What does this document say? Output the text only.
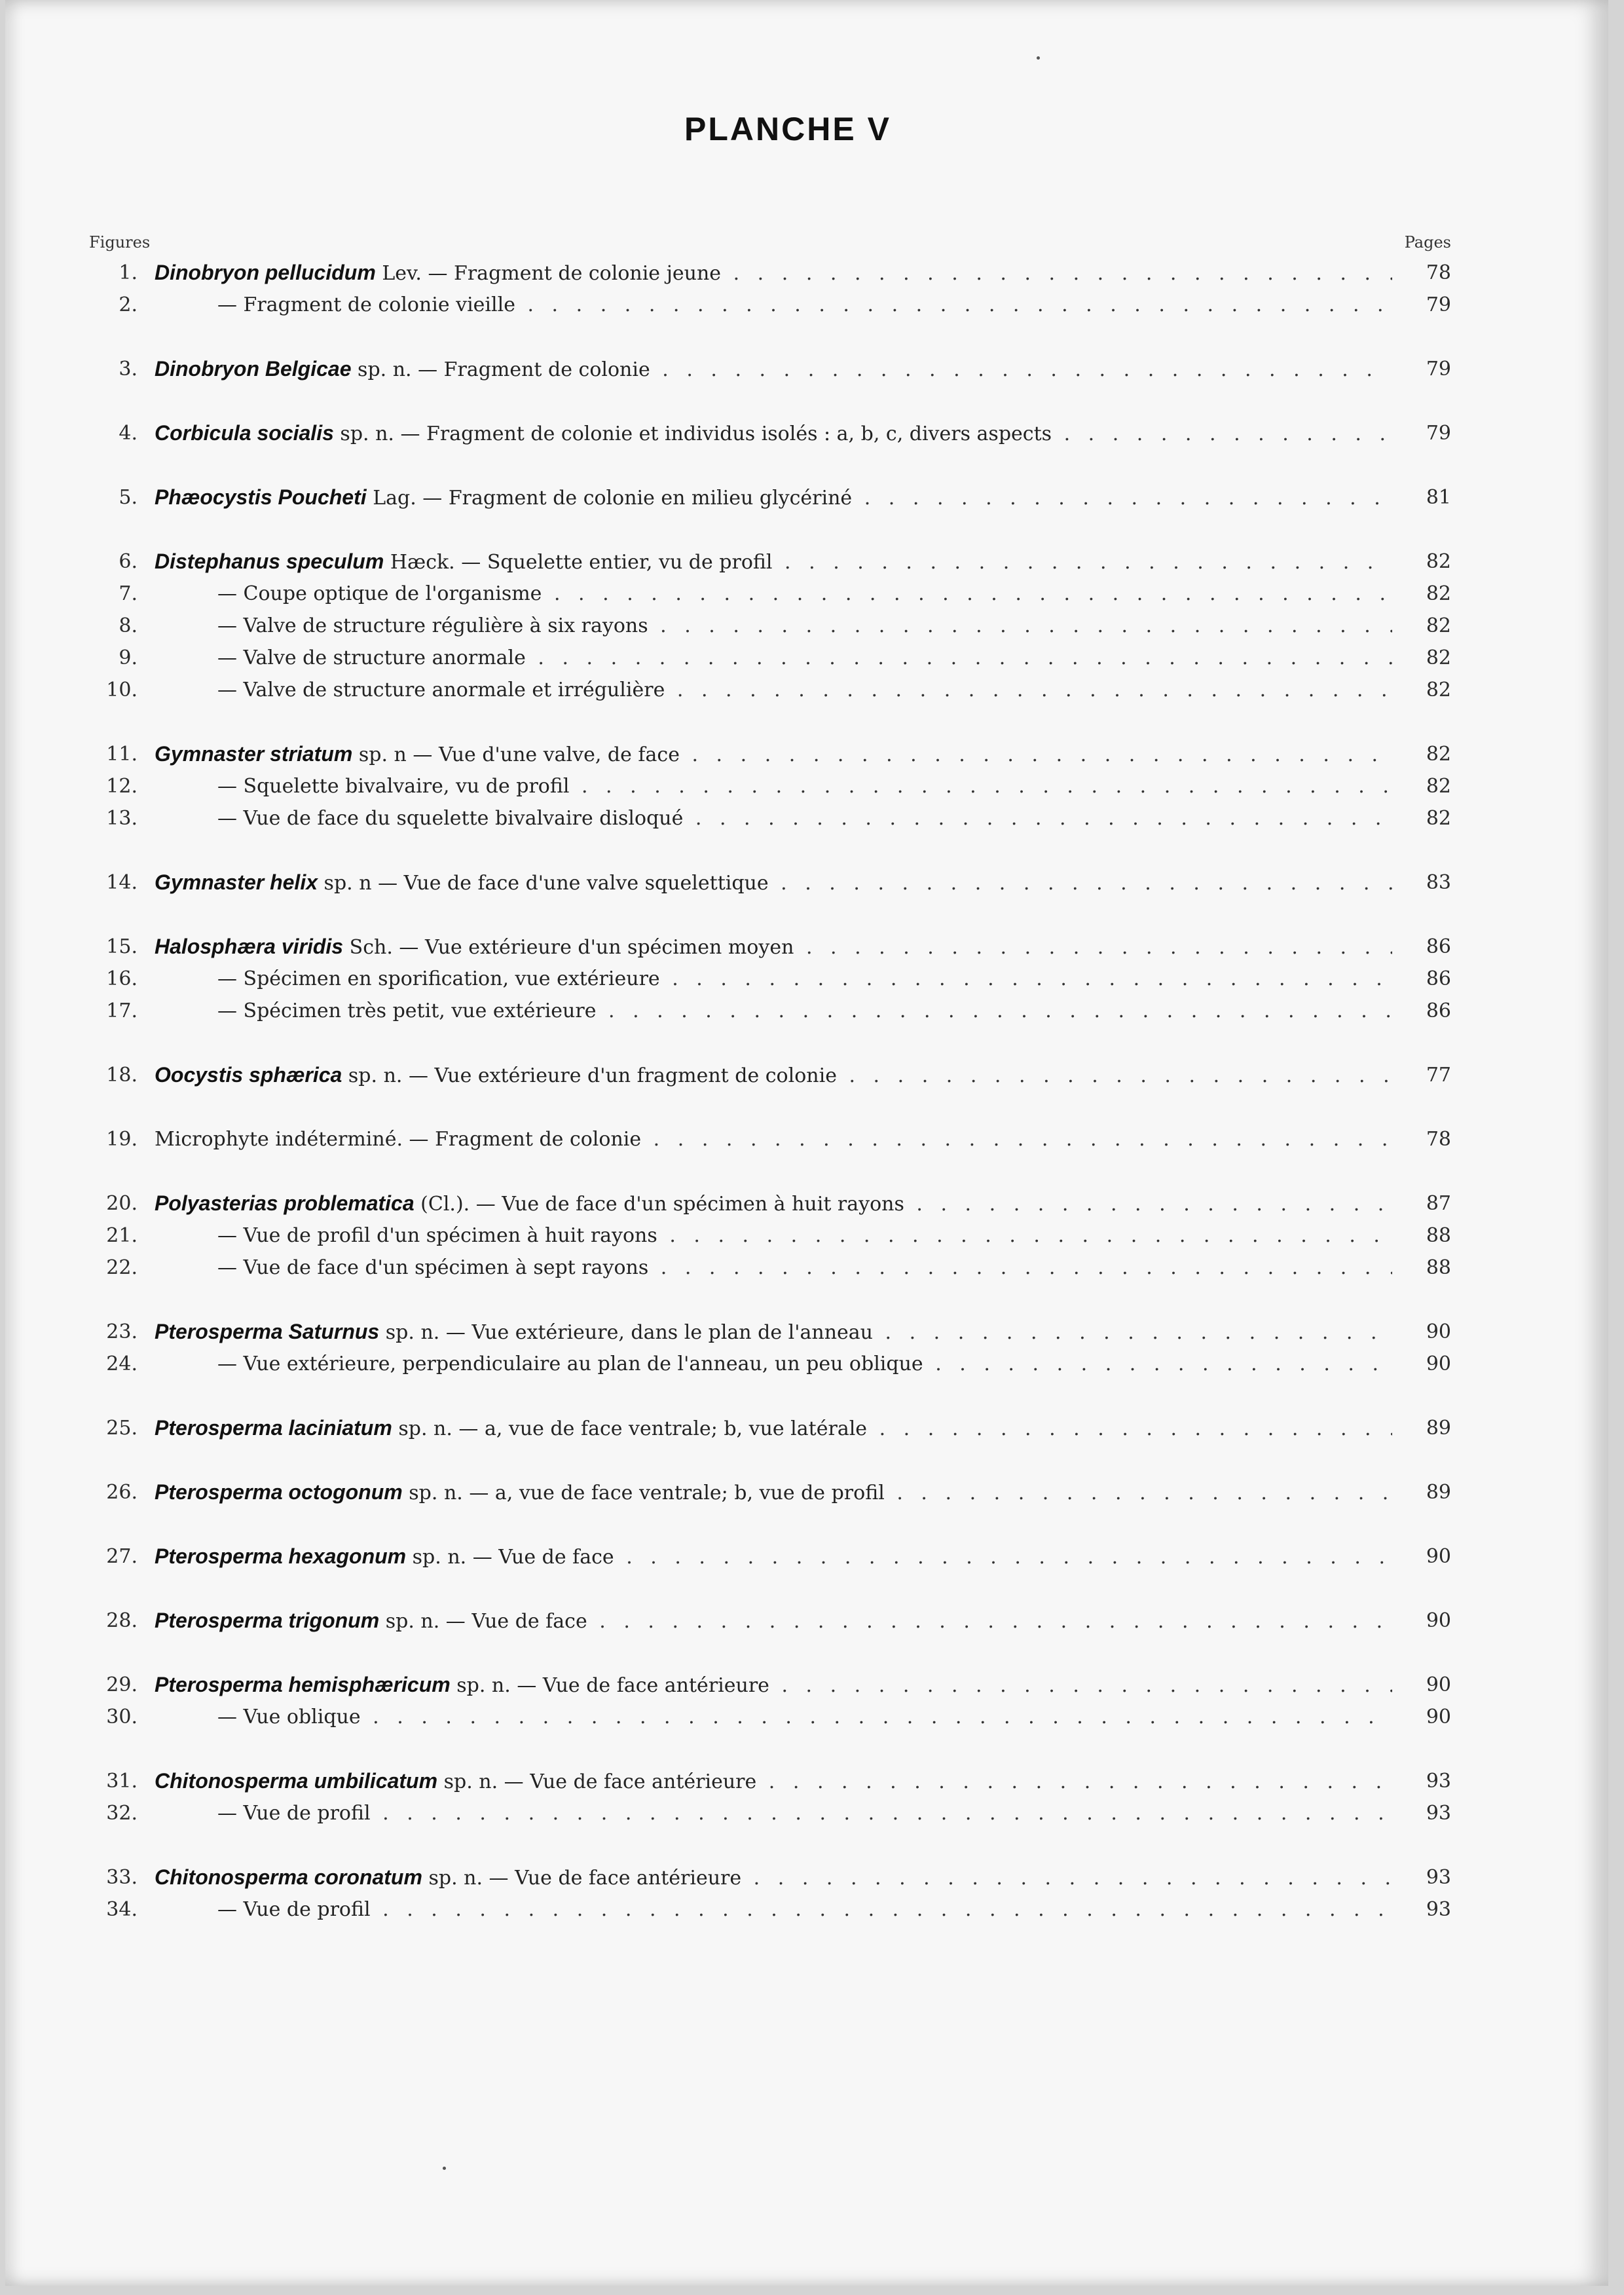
PLANCHE V
Figures	Pages
1. Dinobryon pellucidum Lev. — Fragment de colonie jeune . . .	78
2.	— Fragment de colonie vieille . . .	79
3. Dinobryon Belgicae sp. n. — Fragment de colonie . . .	79
4. Corbicula socialis sp. n. — Fragment de colonie et individus isolés : a, b, c, divers aspects . . .	79
5. Phæocystis Poucheti Lag. — Fragment de colonie en milieu glycériné . . .	81
6. Distephanus speculum Hæck. — Squelette entier, vu de profil . . .	82
7.	— Coupe optique de l'organisme . . .	82
8.	— Valve de structure régulière à six rayons . . .	82
9.	— Valve de structure anormale . . .	82
10.	— Valve de structure anormale et irrégulière . . .	82
11. Gymnaster striatum sp. n — Vue d'une valve, de face . . .	82
12.	— Squelette bivalvaire, vu de profil . . .	82
13.	— Vue de face du squelette bivalvaire disloqué . . .	82
14. Gymnaster helix sp. n — Vue de face d'une valve squelettique . . .	83
15. Halosphæra viridis Sch. — Vue extérieure d'un spécimen moyen . . .	86
16.	— Spécimen en sporification, vue extérieure . . .	86
17.	— Spécimen très petit, vue extérieure . . .	86
18. Oocystis sphærica sp. n. — Vue extérieure d'un fragment de colonie . . .	77
19. Microphyte indéterminé. — Fragment de colonie . . .	78
20. Polyasterias problematica (Cl.). — Vue de face d'un spécimen à huit rayons . . .	87
21.	— Vue de profil d'un spécimen à huit rayons . . .	88
22.	— Vue de face d'un spécimen à sept rayons . . .	88
23. Pterosperma Saturnus sp. n. — Vue extérieure, dans le plan de l'anneau . . .	90
24.	— Vue extérieure, perpendiculaire au plan de l'anneau, un peu oblique . . .	90
25. Pterosperma laciniatum sp. n. — a, vue de face ventrale; b, vue latérale . . .	89
26. Pterosperma octogonum sp. n. — a, vue de face ventrale; b, vue de profil . . .	89
27. Pterosperma hexagonum sp. n. — Vue de face . . .	90
28. Pterosperma trigonum sp. n. — Vue de face . . .	90
29. Pterosperma hemisphæricum sp. n. — Vue de face antérieure . . .	90
30.	— Vue oblique . . .	90
31. Chitonosperma umbilicatum sp. n. — Vue de face antérieure . . .	93
32.	— Vue de profil . . .	93
33. Chitonosperma coronatum sp. n. — Vue de face antérieure . . .	93
34.	— Vue de profil . . .	93
